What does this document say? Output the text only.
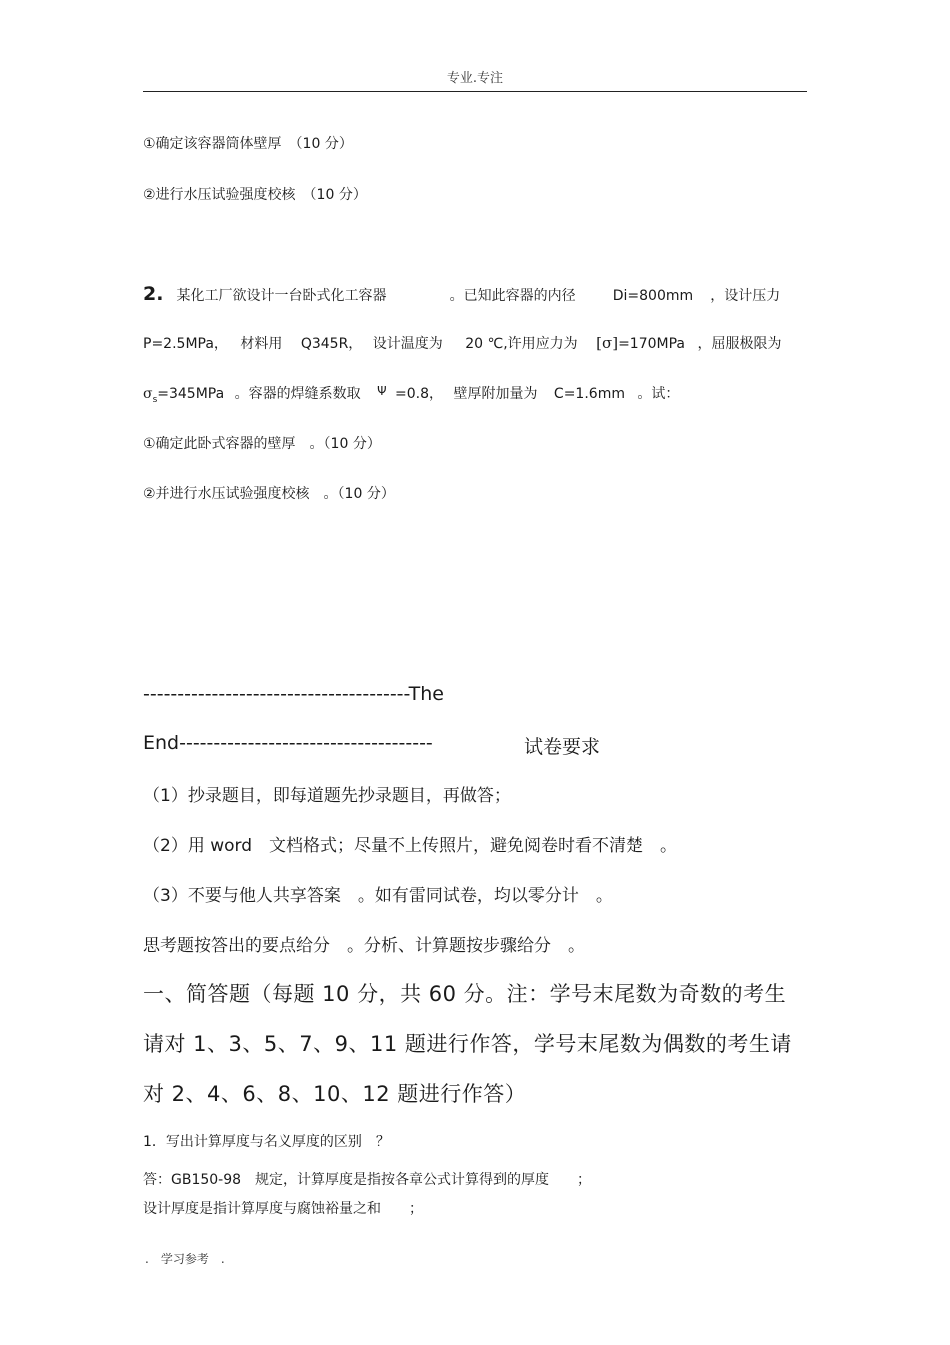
专业.专注
①确定该容器筒体壁厚　（10 分）
②进行水压试验强度校核　（10 分）
2. 某化工厂欲设计一台卧式化工容器	。已知此容器的内径	Di=800mm ，设计压力
P=2.5MPa， 材料用 Q345R， 设计温度为 20 ℃,许用应力为 [σ]=170MPa ，屈服极限为
$\sigma_s=345MPa$ 。容器的焊缝系数取 Ψ =0.8， 壁厚附加量为 C=1.6mm 。试：
①确定此卧式容器的壁厚　。（10 分）
②并进行水压试验强度校核　。（10 分）
---------------------------------------The
End-------------------------------------	试卷要求
（1）抄录题目，即每道题先抄录题目，再做答；
（2）用 word　文档格式；尽量不上传照片，避免阅卷时看不清楚　。
（3）不要与他人共享答案　。如有雷同试卷，均以零分计　。
思考题按答出的要点给分　。分析、计算题按步骤给分　。
一、简答题（每题 10 分，共 60 分。注：学号末尾数为奇数的考生
请对 1、3、5、7、9、11 题进行作答，学号末尾数为偶数的考生请
对 2、4、6、8、10、12 题进行作答）
1．写出计算厚度与名义厚度的区别　？
答：GB150-98　规定，计算厚度是指按各章公式计算得到的厚度　　；
设计厚度是指计算厚度与腐蚀裕量之和　　；
.　学习参考　.
